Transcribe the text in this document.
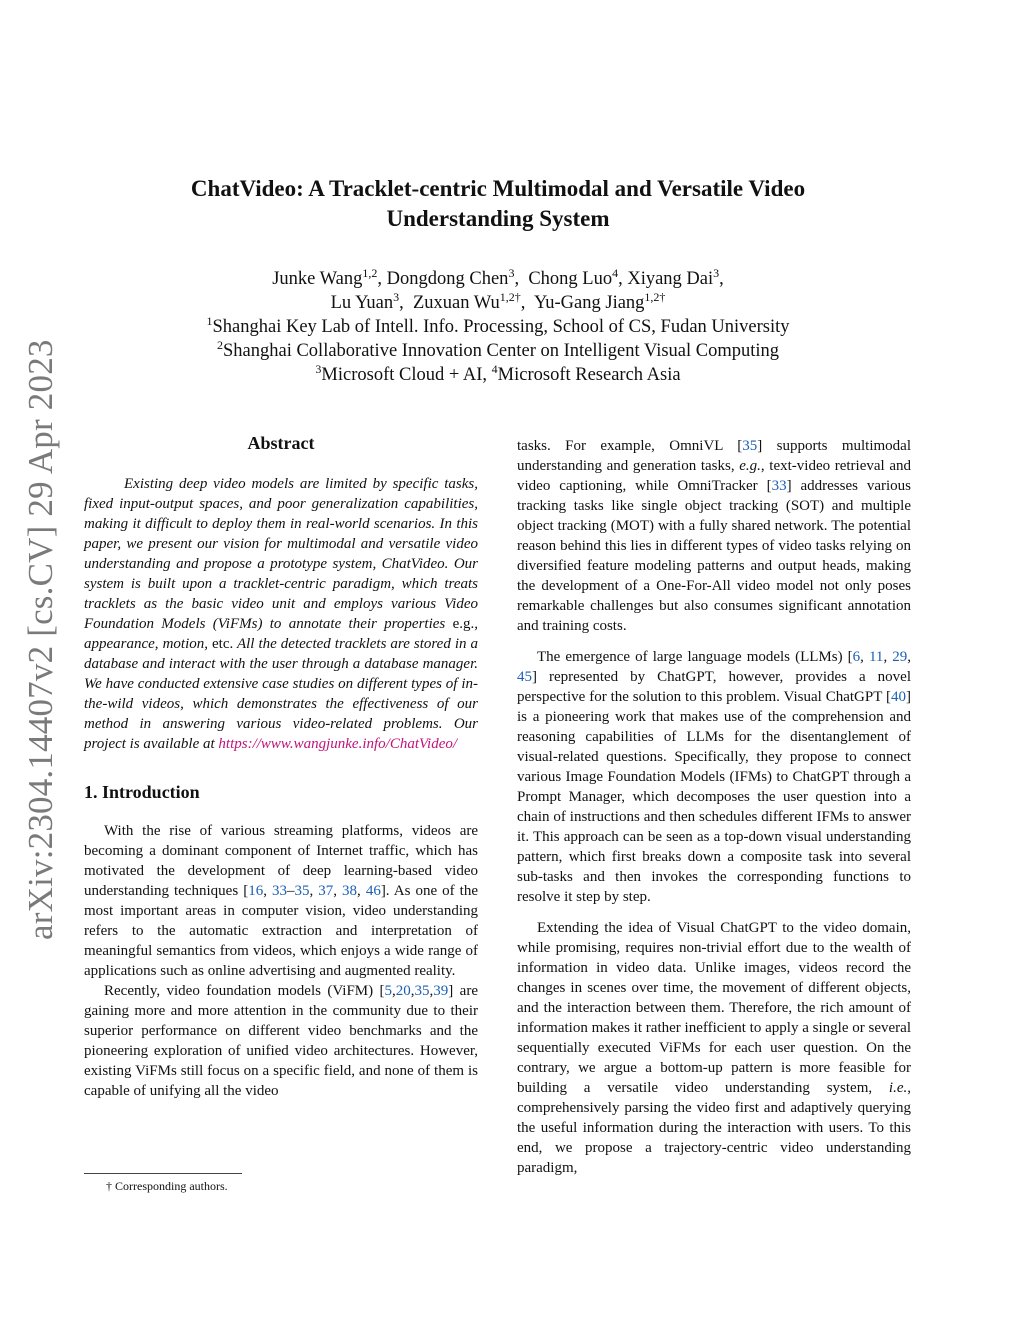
arXiv:2304.14407v2 [cs.CV] 29 Apr 2023
ChatVideo: A Tracklet-centric Multimodal and Versatile Video
Understanding System
Junke Wang$^{1,2}$, Dongdong Chen$^3$,  Chong Luo$^4$, Xiyang Dai$^3$,
Lu Yuan$^3$,  Zuxuan $Wu^{1,2\dagger}$,  Yu-Gang Jiang$^{1,2\dagger}$
$^1$Shanghai Key Lab of Intell. Info. Processing, School of CS, Fudan University
$^2$Shanghai Collaborative Innovation Center on Intelligent Visual Computing
$^3$Microsoft Cloud + AI, $^4$Microsoft Research Asia
Abstract

Existing deep video models are limited by specific tasks, fixed input-output spaces, and poor generalization capabilities, making it difficult to deploy them in real-world scenarios. In this paper, we present our vision for multimodal and versatile video understanding and propose a prototype system, ChatVideo. Our system is built upon a tracklet-centric paradigm, which treats tracklets as the basic video unit and employs various Video Foundation Models (ViFMs) to annotate their properties e.g., appearance, motion, etc. All the detected tracklets are stored in a database and interact with the user through a database manager. We have conducted extensive case studies on different types of in-the-wild videos, which demonstrates the effectiveness of our method in answering various video-related problems. Our project is available at https://www.wangjunke.info/ChatVideo/

1. Introduction

With the rise of various streaming platforms, videos are becoming a dominant component of Internet traffic, which has motivated the development of deep learning-based video understanding techniques [16, 33–35, 37, 38, 46]. As one of the most important areas in computer vision, video understanding refers to the automatic extraction and interpretation of meaningful semantics from videos, which enjoys a wide range of applications such as online advertising and augmented reality.

Recently, video foundation models (ViFM) [5,20,35,39] are gaining more and more attention in the community due to their superior performance on different video benchmarks and the pioneering exploration of unified video architectures. However, existing ViFMs still focus on a specific field, and none of them is capable of unifying all the video

tasks. For example, OmniVL [35] supports multimodal understanding and generation tasks, e.g., text-video retrieval and video captioning, while OmniTracker [33] addresses various tracking tasks like single object tracking (SOT) and multiple object tracking (MOT) with a fully shared network. The potential reason behind this lies in different types of video tasks relying on diversified feature modeling patterns and output heads, making the development of a One-For-All video model not only poses remarkable challenges but also consumes significant annotation and training costs.

The emergence of large language models (LLMs) [6, 11, 29, 45] represented by ChatGPT, however, provides a novel perspective for the solution to this problem. Visual ChatGPT [40] is a pioneering work that makes use of the comprehension and reasoning capabilities of LLMs for the disentanglement of visual-related questions. Specifically, they propose to connect various Image Foundation Models (IFMs) to ChatGPT through a Prompt Manager, which decomposes the user question into a chain of instructions and then schedules different IFMs to answer it. This approach can be seen as a top-down visual understanding pattern, which first breaks down a composite task into several sub-tasks and then invokes the corresponding functions to resolve it step by step.

Extending the idea of Visual ChatGPT to the video domain, while promising, requires non-trivial effort due to the wealth of information in video data. Unlike images, videos record the changes in scenes over time, the movement of different objects, and the interaction between them. Therefore, the rich amount of information makes it rather inefficient to apply a single or several sequentially executed ViFMs for each user question. On the contrary, we argue a bottom-up pattern is more feasible for building a versatile video understanding system, i.e., comprehensively parsing the video first and adaptively querying the useful information during the interaction with users. To this end, we propose a trajectory-centric video understanding paradigm,

† Corresponding authors.
